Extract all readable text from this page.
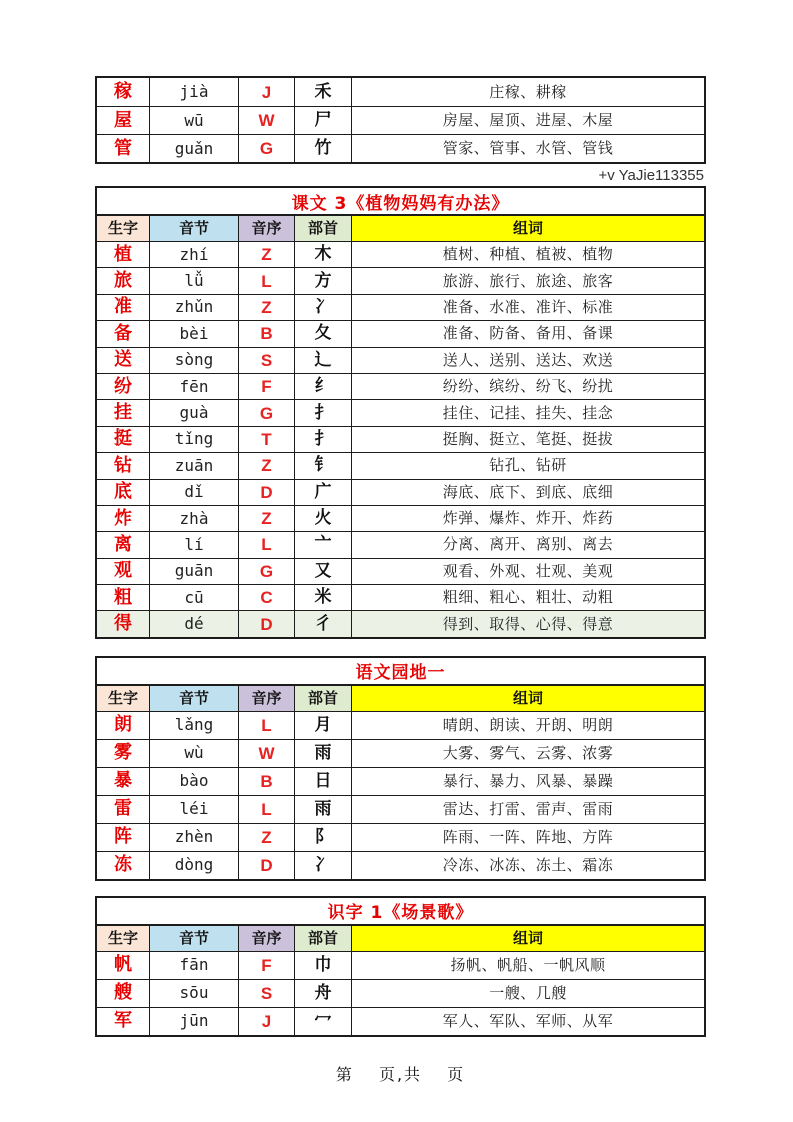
稼	jià	J	禾	庄稼、耕稼
屋	wū	W	尸	房屋、屋顶、进屋、木屋
管	guǎn	G	竹	管家、管事、水管、管钱
+v YaJie113355
课文 3《植物妈妈有办法》
生字	音节	音序	部首	组词
植	zhí	Z	木	植树、种植、植被、植物
旅	lǚ	L	方	旅游、旅行、旅途、旅客
准	zhǔn	Z	冫	准备、水准、准许、标准
备	bèi	B	夂	准备、防备、备用、备课
送	sòng	S	辶	送人、送别、送达、欢送
纷	fēn	F	纟	纷纷、缤纷、纷飞、纷扰
挂	guà	G	扌	挂住、记挂、挂失、挂念
挺	tǐng	T	扌	挺胸、挺立、笔挺、挺拔
钻	zuān	Z	钅	钻孔、钻研
底	dǐ	D	广	海底、底下、到底、底细
炸	zhà	Z	火	炸弹、爆炸、炸开、炸药
离	lí	L	亠	分离、离开、离别、离去
观	guān	G	又	观看、外观、壮观、美观
粗	cū	C	米	粗细、粗心、粗壮、动粗
得	dé	D	彳	得到、取得、心得、得意
语文园地一
生字	音节	音序	部首	组词
朗	lǎng	L	月	晴朗、朗读、开朗、明朗
雾	wù	W	雨	大雾、雾气、云雾、浓雾
暴	bào	B	日	暴行、暴力、风暴、暴躁
雷	léi	L	雨	雷达、打雷、雷声、雷雨
阵	zhèn	Z	阝	阵雨、一阵、阵地、方阵
冻	dòng	D	冫	冷冻、冰冻、冻土、霜冻
识字 1《场景歌》
生字	音节	音序	部首	组词
帆	fān	F	巾	扬帆、帆船、一帆风顺
艘	sōu	S	舟	一艘、几艘
军	jūn	J	冖	军人、军队、军师、从军
第　 页,共　 页
